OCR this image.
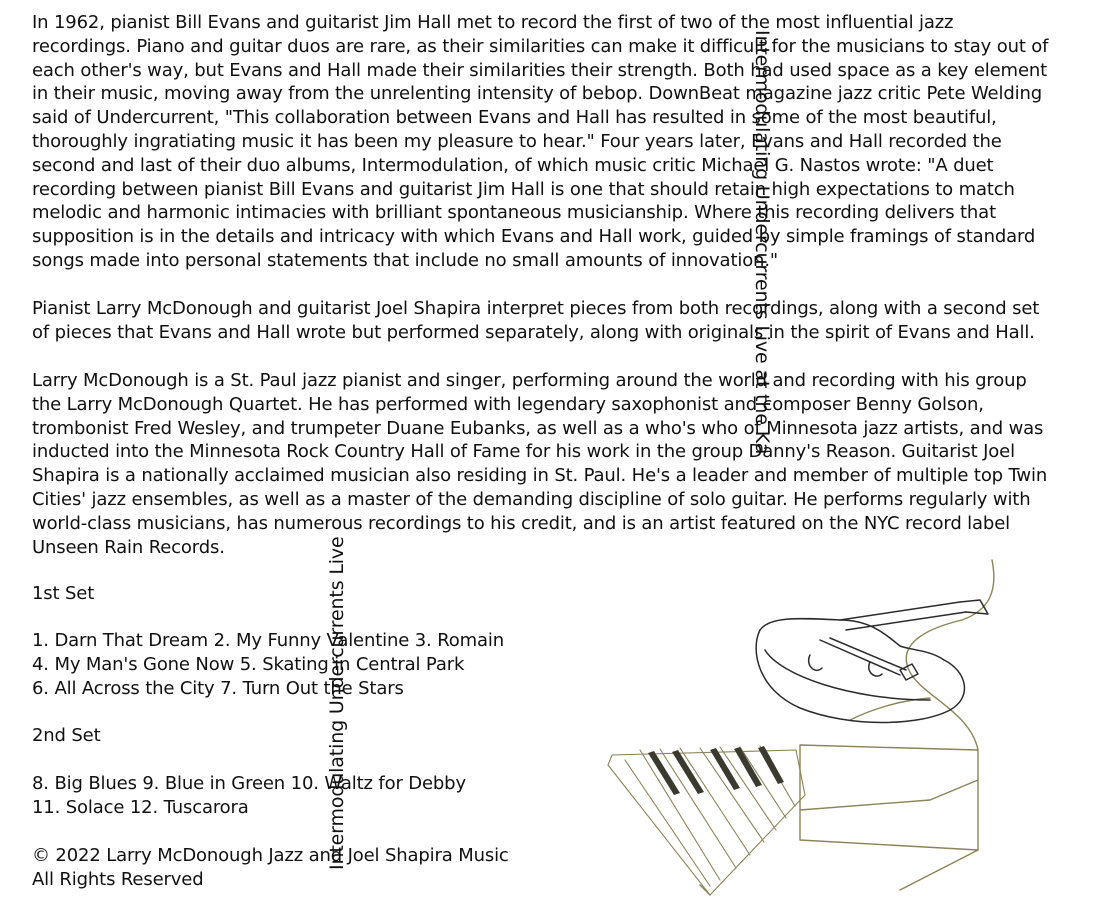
In 1962, pianist Bill Evans and guitarist Jim Hall met to record the first of two of the most influential jazz recordings. Piano and guitar duos are rare, as their similarities can make it difficult for the musicians to stay out of each other's way, but Evans and Hall made their similarities their strength. Both had used space as a key element in their music, moving away from the unrelenting intensity of bebop. DownBeat magazine jazz critic Pete Welding said of Undercurrent, "This collaboration between Evans and Hall has resulted in some of the most beautiful, thoroughly ingratiating music it has been my pleasure to hear." Four years later, Evans and Hall recorded the second and last of their duo albums, Intermodulation, of which music critic Michael G. Nastos wrote: "A duet recording between pianist Bill Evans and guitarist Jim Hall is one that should retain high expectations to match melodic and harmonic intimacies with brilliant spontaneous musicianship. Where this recording delivers that supposition is in the details and intricacy with which Evans and Hall work, guided by simple framings of standard songs made into personal statements that include no small amounts of innovation."

Pianist Larry McDonough and guitarist Joel Shapira interpret pieces from both recordings, along with a second set of pieces that Evans and Hall wrote but performed separately, along with originals in the spirit of Evans and Hall.

Larry McDonough is a St. Paul jazz pianist and singer, performing around the world and recording with his group the Larry McDonough Quartet. He has performed with legendary saxophonist and composer Benny Golson, trombonist Fred Wesley, and trumpeter Duane Eubanks, as well as a who's who of Minnesota jazz artists, and was inducted into the Minnesota Rock Country Hall of Fame for his work in the group Danny's Reason. Guitarist Joel Shapira is a nationally acclaimed musician also residing in St. Paul. He's a leader and member of multiple top Twin Cities' jazz ensembles, as well as a master of the demanding discipline of solo guitar. He performs regularly with world-class musicians, has numerous recordings to his credit, and is an artist featured on the NYC record label Unseen Rain Records.

1st Set
1. Darn That Dream 2. My Funny Valentine 3. Romain
4. My Man's Gone Now 5. Skating in Central Park
6. All Across the City 7. Turn Out the Stars
2nd Set
8. Big Blues 9. Blue in Green 10. Waltz for Debby
11. Solace 12. Tuscarora
© 2022 Larry McDonough Jazz and Joel Shapira Music
All Rights Reserved
Intermodulating Undercurrents Live
Intermodulating Undercurrents Live at the Ka
